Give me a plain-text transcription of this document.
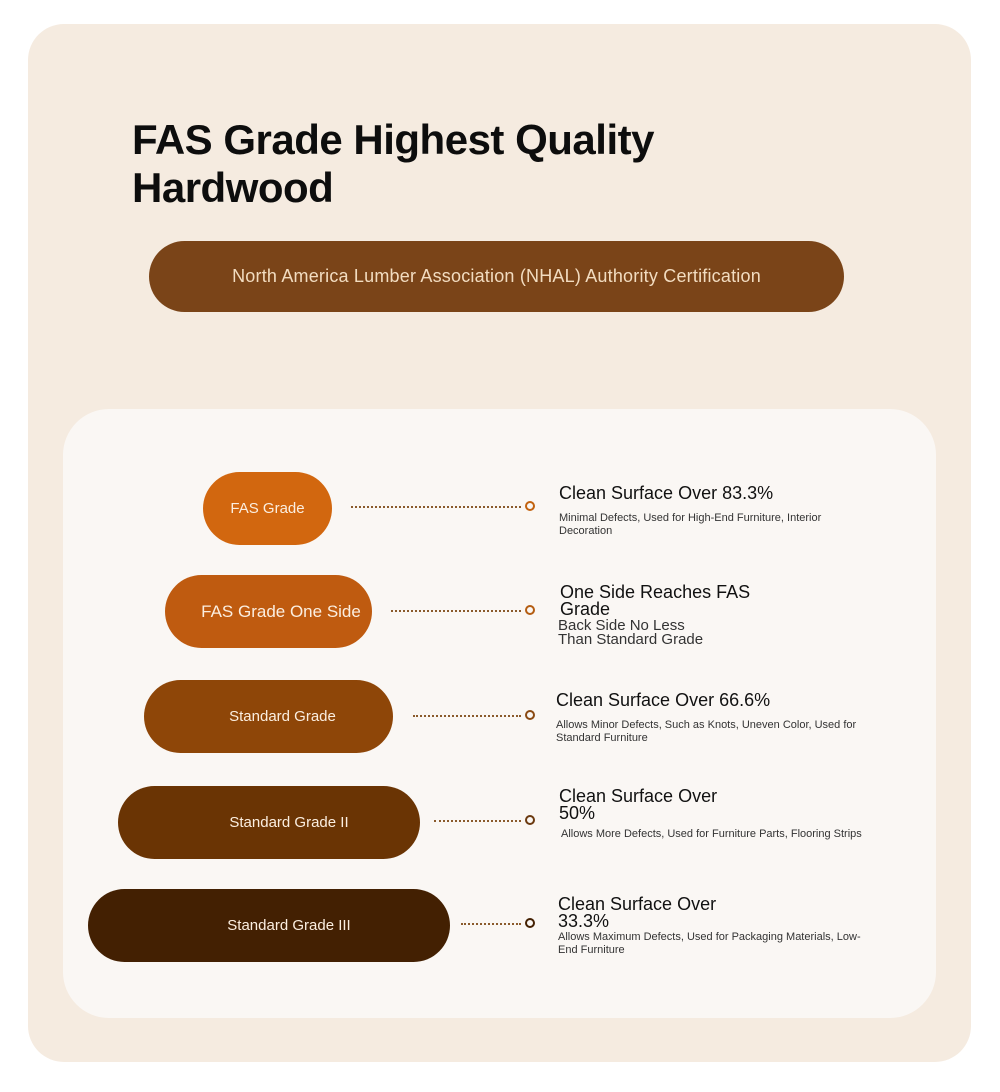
FAS Grade Highest Quality Hardwood
North America Lumber Association (NHAL) Authority Certification
FAS Grade

Clean Surface Over 83.3%

Minimal Defects, Used for High-End Furniture, Interior Decoration

FAS Grade One Side

One Side Reaches FAS Grade

Back Side No Less Than Standard Grade

Standard Grade

Clean Surface Over 66.6%

Allows Minor Defects, Such as Knots, Uneven Color, Used for Standard Furniture

Standard Grade II

Clean Surface Over 50%

Allows More Defects, Used for Furniture Parts, Flooring Strips

Standard Grade III

Clean Surface Over 33.3%

Allows Maximum Defects, Used for Packaging Materials, Low-End Furniture
